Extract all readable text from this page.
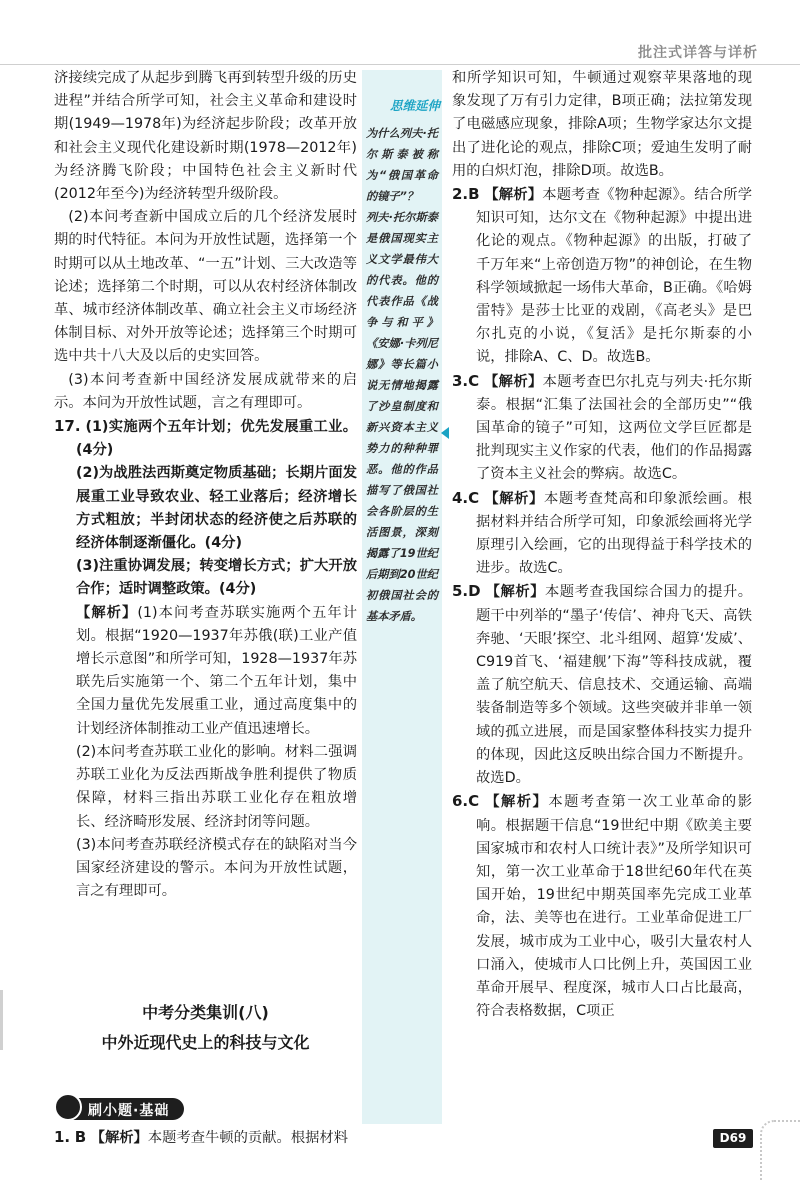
批注式详答与详析

济接续完成了从起步到腾飞再到转型升级的历史进程”并结合所学可知，社会主义革命和建设时期(1949—1978年)为经济起步阶段；改革开放和社会主义现代化建设新时期(1978—2012年)为经济腾飞阶段；中国特色社会主义新时代(2012年至今)为经济转型升级阶段。

(2)本问考查新中国成立后的几个经济发展时期的时代特征。本问为开放性试题，选择第一个时期可以从土地改革、“一五”计划、三大改造等论述；选择第二个时期，可以从农村经济体制改革、城市经济体制改革、确立社会主义市场经济体制目标、对外开放等论述；选择第三个时期可选中共十八大及以后的史实回答。

(3)本问考查新中国经济发展成就带来的启示。本问为开放性试题，言之有理即可。

17. (1)实施两个五年计划；优先发展重工业。(4分)

(2)为战胜法西斯奠定物质基础；长期片面发展重工业导致农业、轻工业落后；经济增长方式粗放；半封闭状态的经济使之后苏联的经济体制逐渐僵化。(4分)

(3)注重协调发展；转变增长方式；扩大开放合作；适时调整政策。(4分)

【解析】(1)本问考查苏联实施两个五年计划。根据“1920—1937年苏俄(联)工业产值增长示意图”和所学可知，1928—1937年苏联先后实施第一个、第二个五年计划，集中全国力量优先发展重工业，通过高度集中的计划经济体制推动工业产值迅速增长。

(2)本问考查苏联工业化的影响。材料二强调苏联工业化为反法西斯战争胜利提供了物质保障，材料三指出苏联工业化存在粗放增长、经济畸形发展、经济封闭等问题。

(3)本问考查苏联经济模式存在的缺陷对当今国家经济建设的警示。本问为开放性试题，言之有理即可。

中考分类集训(八)
中外近现代史上的科技与文化
刷小题·基础

1. B 【解析】本题考查牛顿的贡献。根据材料

思维延伸

为什么列夫·托尔斯泰被称为“俄国革命的镜子”？

列夫·托尔斯泰是俄国现实主义文学最伟大的代表。他的代表作品《战争与和平》《安娜·卡列尼娜》等长篇小说无情地揭露了沙皇制度和新兴资本主义势力的种种罪恶。他的作品描写了俄国社会各阶层的生活图景，深刻揭露了19世纪后期到20世纪初俄国社会的基本矛盾。

和所学知识可知，牛顿通过观察苹果落地的现象发现了万有引力定律，B项正确；法拉第发现了电磁感应现象，排除A项；生物学家达尔文提出了进化论的观点，排除C项；爱迪生发明了耐用的白炽灯泡，排除D项。故选B。

2.B 【解析】本题考查《物种起源》。结合所学知识可知，达尔文在《物种起源》中提出进化论的观点。《物种起源》的出版，打破了千万年来“上帝创造万物”的神创论，在生物科学领域掀起一场伟大革命，B正确。《哈姆雷特》是莎士比亚的戏剧，《高老头》是巴尔扎克的小说，《复活》是托尔斯泰的小说，排除A、C、D。故选B。

3.C 【解析】本题考查巴尔扎克与列夫·托尔斯泰。根据“汇集了法国社会的全部历史”“俄国革命的镜子”可知，这两位文学巨匠都是批判现实主义作家的代表，他们的作品揭露了资本主义社会的弊病。故选C。

4.C 【解析】本题考查梵高和印象派绘画。根据材料并结合所学可知，印象派绘画将光学原理引入绘画，它的出现得益于科学技术的进步。故选C。

5.D 【解析】本题考查我国综合国力的提升。题干中列举的“墨子‘传信’、神舟飞天、高铁奔驰、‘天眼’探空、北斗组网、超算‘发威’、C919首飞、‘福建舰’下海”等科技成就，覆盖了航空航天、信息技术、交通运输、高端装备制造等多个领域。这些突破并非单一领域的孤立进展，而是国家整体科技实力提升的体现，因此这反映出综合国力不断提升。故选D。

6.C 【解析】本题考查第一次工业革命的影响。根据题干信息“19世纪中期《欧美主要国家城市和农村人口统计表》”及所学知识可知，第一次工业革命于18世纪60年代在英国开始，19世纪中期英国率先完成工业革命，法、美等也在进行。工业革命促进工厂发展，城市成为工业中心，吸引大量农村人口涌入，使城市人口比例上升，英国因工业革命开展早、程度深，城市人口占比最高，符合表格数据，C项正

D69
